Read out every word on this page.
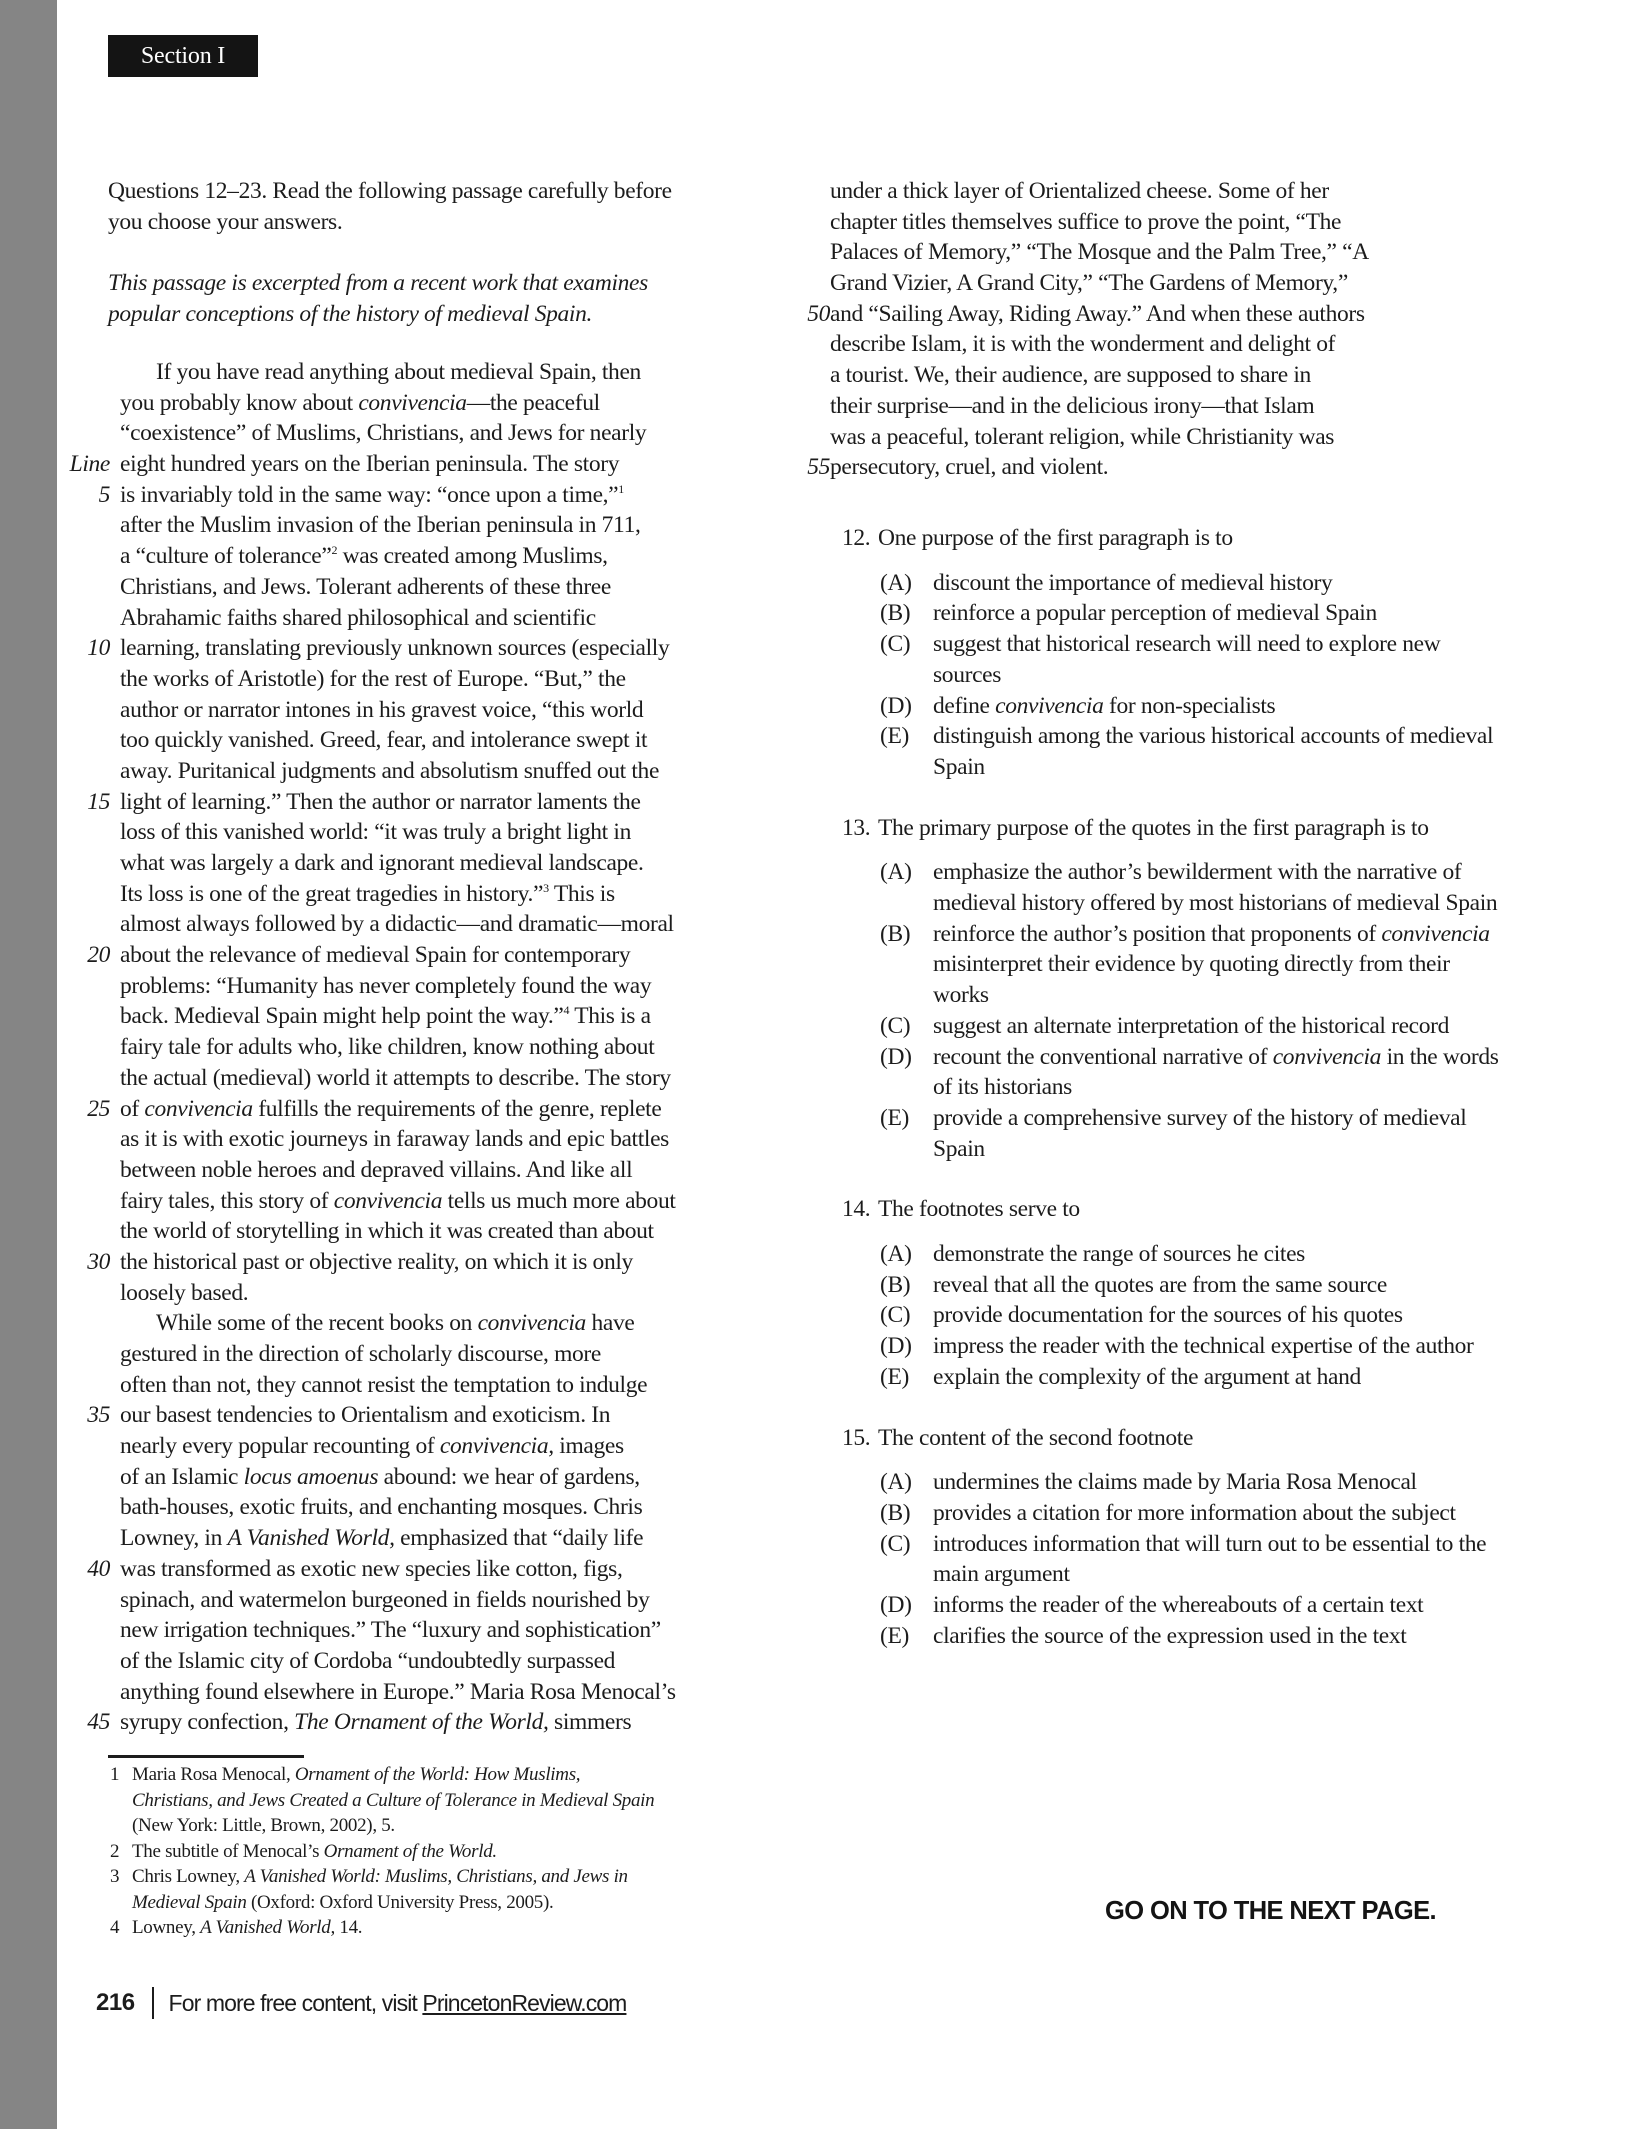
Section I
Questions 12–23. Read the following passage carefully before
you choose your answers.
This passage is excerpted from a recent work that examines
popular conceptions of the history of medieval Spain.
If you have read anything about medieval Spain, then
you probably know about convivencia—the peaceful
“coexistence” of Muslims, Christians, and Jews for nearly
Line eight hundred years on the Iberian peninsula. The story
5 is invariably told in the same way: “once upon a time,”$^1$
after the Muslim invasion of the Iberian peninsula in 711,
a “culture of tolerance”$^2$ was created among Muslims,
Christians, and Jews. Tolerant adherents of these three
Abrahamic faiths shared philosophical and scientific
10 learning, translating previously unknown sources (especially
the works of Aristotle) for the rest of Europe. “But,” the
author or narrator intones in his gravest voice, “this world
too quickly vanished. Greed, fear, and intolerance swept it
away. Puritanical judgments and absolutism snuffed out the
15 light of learning.” Then the author or narrator laments the
loss of this vanished world: “it was truly a bright light in
what was largely a dark and ignorant medieval landscape.
Its loss is one of the great tragedies in history.”$^3$ This is
almost always followed by a didactic—and dramatic—moral
20 about the relevance of medieval Spain for contemporary
problems: “Humanity has never completely found the way
back. Medieval Spain might help point the way.”$^4$ This is a
fairy tale for adults who, like children, know nothing about
the actual (medieval) world it attempts to describe. The story
25 of convivencia fulfills the requirements of the genre, replete
as it is with exotic journeys in faraway lands and epic battles
between noble heroes and depraved villains. And like all
fairy tales, this story of convivencia tells us much more about
the world of storytelling in which it was created than about
30 the historical past or objective reality, on which it is only
loosely based.
While some of the recent books on convivencia have
gestured in the direction of scholarly discourse, more
often than not, they cannot resist the temptation to indulge
35 our basest tendencies to Orientalism and exoticism. In
nearly every popular recounting of convivencia, images
of an Islamic locus amoenus abound: we hear of gardens,
bath-houses, exotic fruits, and enchanting mosques. Chris
Lowney, in A Vanished World, emphasized that “daily life
40 was transformed as exotic new species like cotton, figs,
spinach, and watermelon burgeoned in fields nourished by
new irrigation techniques.” The “luxury and sophistication”
of the Islamic city of Cordoba “undoubtedly surpassed
anything found elsewhere in Europe.” Maria Rosa Menocal’s
45 syrupy confection, The Ornament of the World, simmers
under a thick layer of Orientalized cheese. Some of her
chapter titles themselves suffice to prove the point, “The
Palaces of Memory,” “The Mosque and the Palm Tree,” “A
Grand Vizier, A Grand City,” “The Gardens of Memory,”
50 and “Sailing Away, Riding Away.” And when these authors
describe Islam, it is with the wonderment and delight of
a tourist. We, their audience, are supposed to share in
their surprise—and in the delicious irony—that Islam
was a peaceful, tolerant religion, while Christianity was
55 persecutory, cruel, and violent.
1 Maria Rosa Menocal, Ornament of the World: How Muslims,
Christians, and Jews Created a Culture of Tolerance in Medieval Spain
(New York: Little, Brown, 2002), 5.
2 The subtitle of Menocal’s Ornament of the World.
3 Chris Lowney, A Vanished World: Muslims, Christians, and Jews in
Medieval Spain (Oxford: Oxford University Press, 2005).
4 Lowney, A Vanished World, 14.
12. One purpose of the first paragraph is to
(A) discount the importance of medieval history
(B) reinforce a popular perception of medieval Spain
(C) suggest that historical research will need to explore new sources
(D) define convivencia for non-specialists
(E)	distinguish among the various historical accounts of medieval Spain
13. The primary purpose of the quotes in the first paragraph is to
(A) emphasize the author’s bewilderment with the narrative of medieval history offered by most historians of medieval Spain
(B) reinforce the author’s position that proponents of convivencia misinterpret their evidence by quoting directly from their works
(C) suggest an alternate interpretation of the historical record
(D) recount the conventional narrative of convivencia in the words of its historians
(E)	provide a comprehensive survey of the history of medieval Spain
14. The footnotes serve to
(A) demonstrate the range of sources he cites
(B) reveal that all the quotes are from the same source
(C) provide documentation for the sources of his quotes
(D) impress the reader with the technical expertise of the author
(E)	explain the complexity of the argument at hand
15. The content of the second footnote
(A) undermines the claims made by Maria Rosa Menocal
(B) provides a citation for more information about the subject
(C) introduces information that will turn out to be essential to the main argument
(D) informs the reader of the whereabouts of a certain text
(E)	clarifies the source of the expression used in the text
GO ON TO THE NEXT PAGE.
216 For more free content, visit PrincetonReview.com
